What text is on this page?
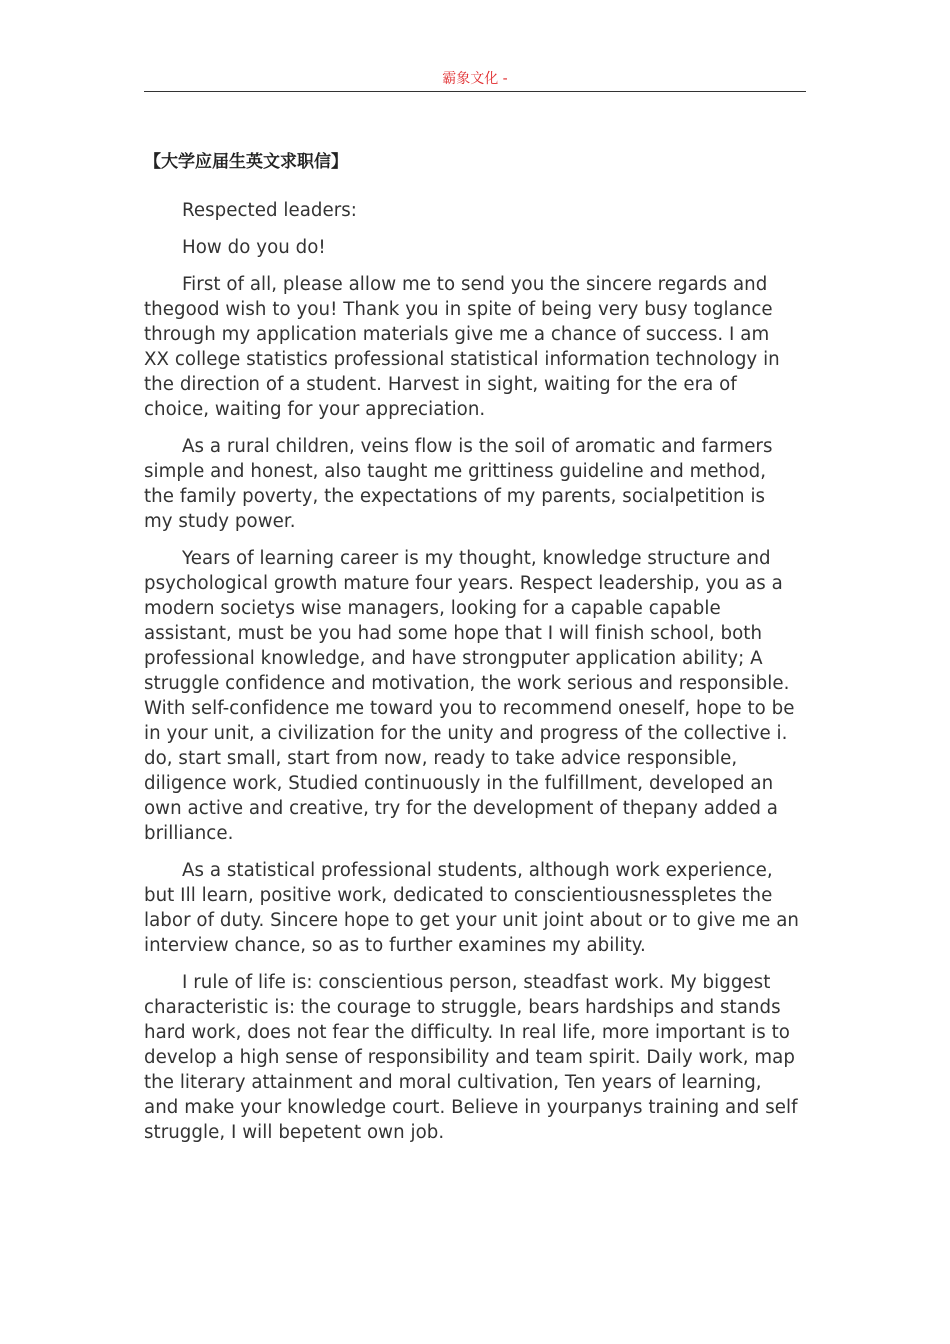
霸象文化 -
【大学应届生英文求职信】

Respected leaders:

How do you do!

First of all, please allow me to send you the sincere regards and thegood wish to you! Thank you in spite of being very busy toglance through my application materials give me a chance of success. I am XX college statistics professional statistical information technology in the direction of a student. Harvest in sight, waiting for the era of choice, waiting for your appreciation.

As a rural children, veins flow is the soil of aromatic and farmers simple and honest, also taught me grittiness guideline and method, the family poverty, the expectations of my parents, socialpetition is my study power.

Years of learning career is my thought, knowledge structure and psychological growth mature four years. Respect leadership, you as a modern societys wise managers, looking for a capable capable assistant, must be you had some hope that I will finish school, both professional knowledge, and have strongputer application ability; A struggle confidence and motivation, the work serious and responsible. With self-confidence me toward you to recommend oneself, hope to be in your unit, a civilization for the unity and progress of the collective i. do, start small, start from now, ready to take advice responsible, diligence work, Studied continuously in the fulfillment, developed an own active and creative, try for the development of thepany added a brilliance.

As a statistical professional students, although work experience, but Ill learn, positive work, dedicated to conscientiousnesspletes the labor of duty. Sincere hope to get your unit joint about or to give me an interview chance, so as to further examines my ability.

I rule of life is: conscientious person, steadfast work. My biggest characteristic is: the courage to struggle, bears hardships and stands hard work, does not fear the difficulty. In real life, more important is to develop a high sense of responsibility and team spirit. Daily work, map the literary attainment and moral cultivation, Ten years of learning, and make your knowledge court. Believe in yourpanys training and self struggle, I will bepetent own job.
